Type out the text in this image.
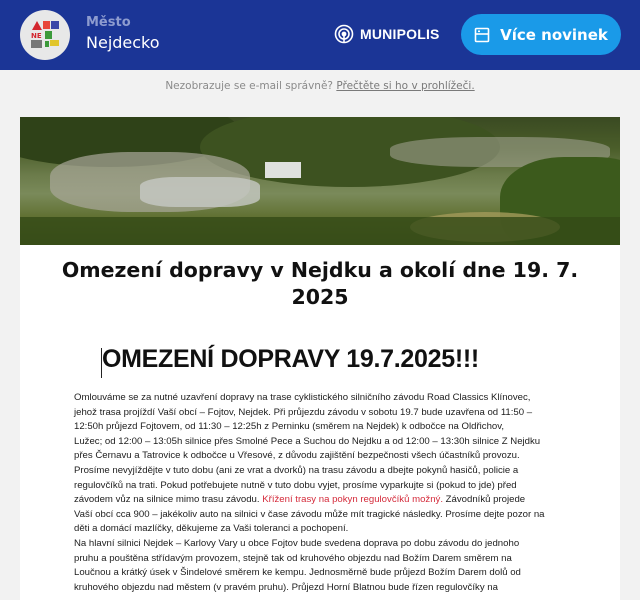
NE
Město
Nejdecko	MUNIPOLIS	Více novinek
Nezobrazuje se e-mail správně? Přečtěte si ho v prohlížeči.
Omezení dopravy v Nejdku a okolí dne 19. 7. 2025
OMEZENÍ DOPRAVY 19.7.2025!!!
Omlouváme se za nutné uzavření dopravy na trase cyklistického silničního závodu Road Classics Klínovec,
jehož trasa projíždí Vaší obcí – Fojtov, Nejdek. Při průjezdu závodu v sobotu 19.7 bude uzavřena od 11:50 –
12:50h průjezd Fojtovem, od 11:30 – 12:25h z Perninku (směrem na Nejdek) k odbočce na Oldřichov,
Lužec; od 12:00 – 13:05h silnice přes Smolné Pece a Suchou do Nejdku a od 12:00 – 13:30h silnice Z Nejdku
přes Černavu a Tatrovice k odbočce u Vřesové, z důvodu zajištění bezpečnosti všech účastníků provozu.
Prosíme nevyjíždějte v tuto dobu (ani ze vrat a dvorků) na trasu závodu a dbejte pokynů hasičů, policie a
regulovčíků na trati. Pokud potřebujete nutně v tuto dobu vyjet, prosíme vyparkujte si (pokud to jde) před
závodem vůz na silnice mimo trasu závodu. Křížení trasy na pokyn regulovčíků možný. Závodníků projede
Vaší obcí cca 900 – jakékoliv auto na silnici v čase závodu může mít tragické následky. Prosíme dejte pozor na
děti a domácí mazlíčky, děkujeme za Vaši toleranci a pochopení.
Na hlavní silnici Nejdek – Karlovy Vary u obce Fojtov bude svedena doprava po dobu závodu do jednoho
pruhu a pouštěna střídavým provozem, stejně tak od kruhového objezdu nad Božím Darem směrem na
Loučnou a krátký úsek v Šindelové směrem ke kempu. Jednosměrně bude průjezd Božím Darem dolů od
kruhového objezdu nad městem (v pravém pruhu). Průjezd Horní Blatnou bude řízen regulovčíky na
